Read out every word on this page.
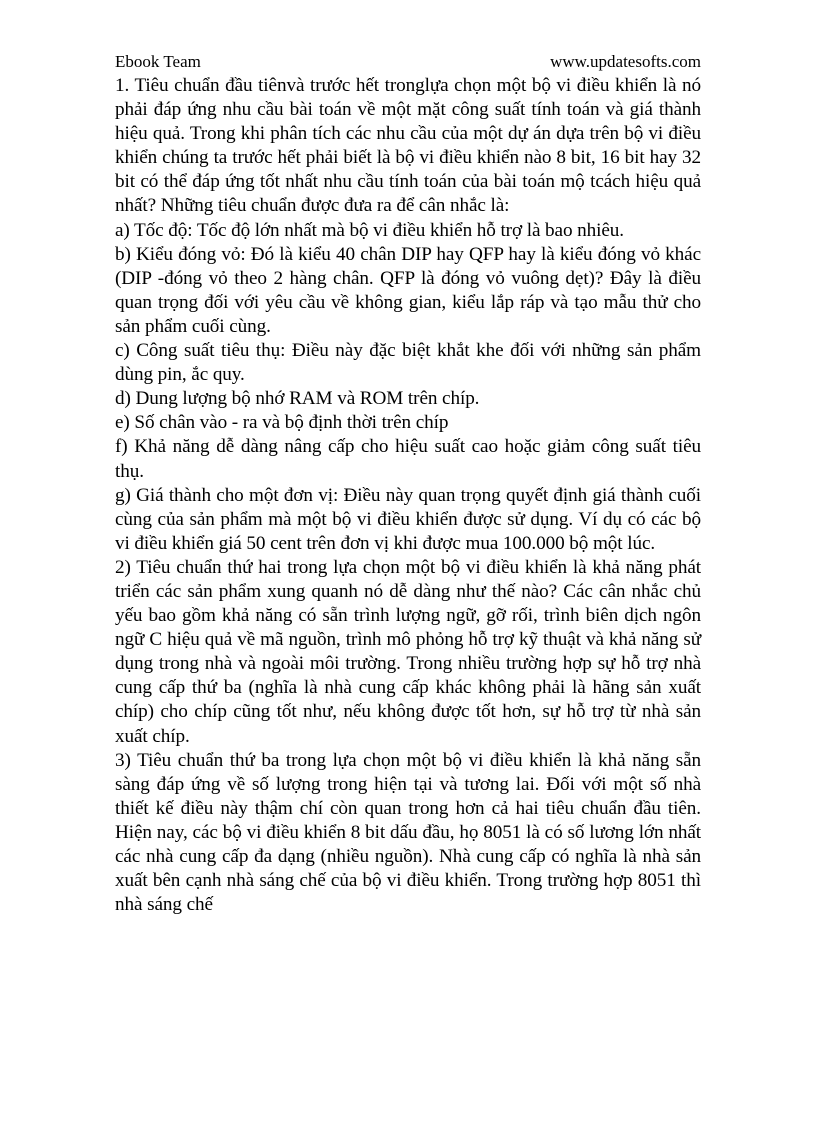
Ebook Team	www.updatesofts.com

1. Tiêu chuẩn đầu tiênvà trước hết tronglựa chọn một bộ vi điều khiển là nó phải đáp ứng nhu cầu bài toán về một mặt công suất tính toán và giá thành hiệu quả. Trong khi phân tích các nhu cầu của một dự án dựa trên bộ vi điều khiển chúng ta trước hết phải biết là bộ vi điều khiển nào 8 bit, 16 bit hay 32 bit có thể đáp ứng tốt nhất nhu cầu tính toán của bài toán mộ tcách hiệu quả nhất? Những tiêu chuẩn được đưa ra để cân nhắc là:

a) Tốc độ: Tốc độ lớn nhất mà bộ vi điều khiển hỗ trợ là bao nhiêu.

b) Kiểu đóng vỏ: Đó là kiểu 40 chân DIP hay QFP hay là kiểu đóng vỏ khác (DIP -đóng vỏ theo 2 hàng chân. QFP là đóng vỏ vuông dẹt)? Đây là điều quan trọng đối với yêu cầu về không gian, kiểu lắp ráp và tạo mẫu thử cho sản phẩm cuối cùng.

c) Công suất tiêu thụ: Điều này đặc biệt khắt khe đối với những sản phẩm dùng pin, ắc quy.

d) Dung lượng bộ nhớ RAM và ROM trên chíp.

e) Số chân vào - ra và bộ định thời trên chíp

f) Khả năng dễ dàng nâng cấp cho hiệu suất cao hoặc giảm công suất tiêu thụ.

g) Giá thành cho một đơn vị: Điều này quan trọng quyết định giá thành cuối cùng của sản phẩm mà một bộ vi điều khiển được sử dụng. Ví dụ có các bộ vi điều khiển giá 50 cent trên đơn vị khi được mua 100.000 bộ một lúc.

2) Tiêu chuẩn thứ hai trong lựa chọn một bộ vi điều khiển là khả năng phát triển các sản phẩm xung quanh nó dễ dàng như thế nào? Các cân nhắc chủ yếu bao gồm khả năng có sẵn trình lượng ngữ, gỡ rối, trình biên dịch ngôn ngữ C hiệu quả về mã nguồn, trình mô phỏng hỗ trợ kỹ thuật và khả năng sử dụng trong nhà và ngoài môi trường. Trong nhiều trường hợp sự hỗ trợ nhà cung cấp thứ ba (nghĩa là nhà cung cấp khác không phải là hãng sản xuất chíp) cho chíp cũng tốt như, nếu không được tốt hơn, sự hỗ trợ từ nhà sản xuất chíp.

3) Tiêu chuẩn thứ ba trong lựa chọn một bộ vi điều khiển là khả năng sẵn sàng đáp ứng về số lượng trong hiện tại và tương lai. Đối với một số nhà thiết kế điều này thậm chí còn quan trong hơn cả hai tiêu chuẩn đầu tiên. Hiện nay, các bộ vi điều khiển 8 bit dấu đầu, họ 8051 là có số lương lớn nhất các nhà cung cấp đa dạng (nhiều nguồn). Nhà cung cấp có nghĩa là nhà sản xuất bên cạnh nhà sáng chế của bộ vi điều khiển. Trong trường hợp 8051 thì nhà sáng chế
